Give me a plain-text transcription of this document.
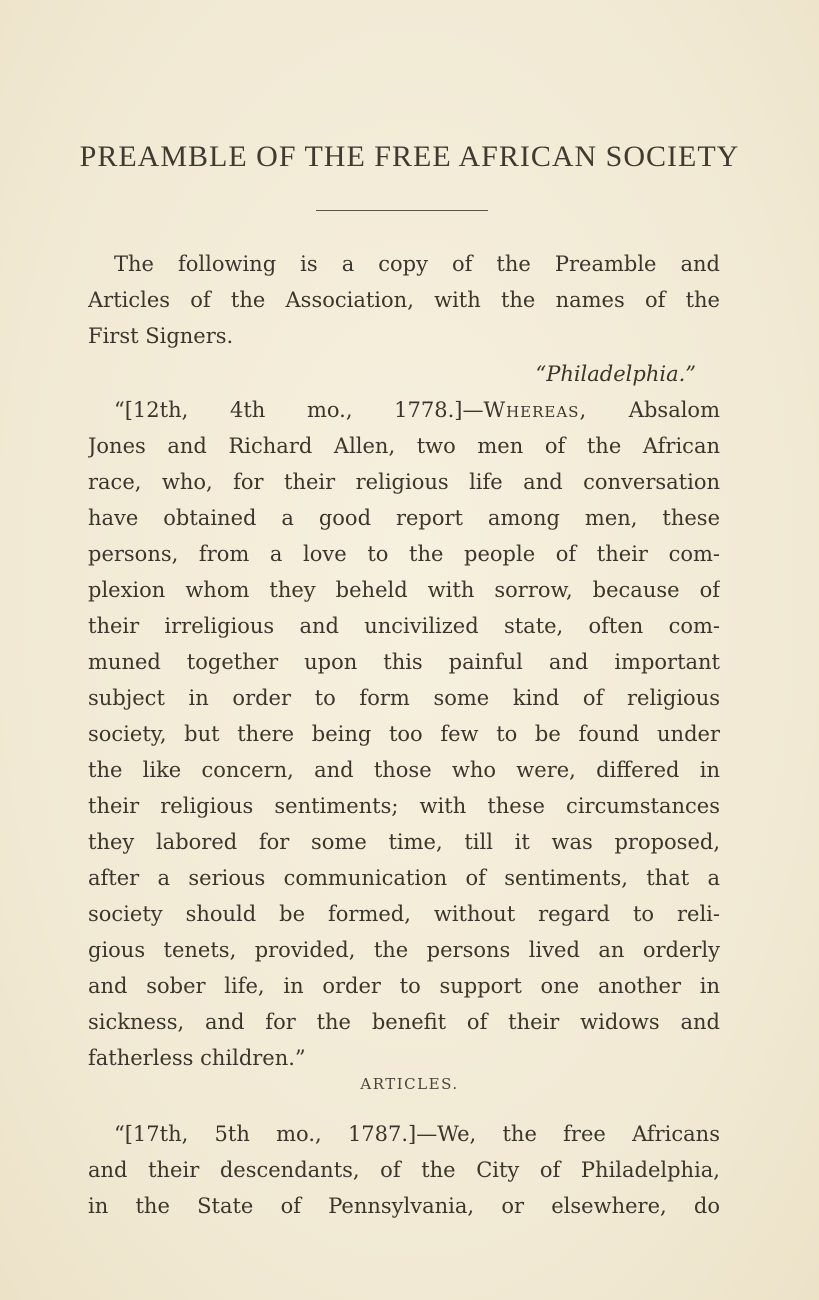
PREAMBLE OF THE FREE AFRICAN SOCIETY
The following is a copy of the Preamble and
Articles of the Association, with the names of the
First Signers.
“Philadelphia.”
“[12th, 4th mo., 1778.]—Whereas, Absalom
Jones and Richard Allen, two men of the African
race, who, for their religious life and conversation
have obtained a good report among men, these
persons, from a love to the people of their com-
plexion whom they beheld with sorrow, because of
their irreligious and uncivilized state, often com-
muned together upon this painful and important
subject in order to form some kind of religious
society, but there being too few to be found under
the like concern, and those who were, differed in
their religious sentiments; with these circumstances
they labored for some time, till it was proposed,
after a serious communication of sentiments, that a
society should be formed, without regard to reli-
gious tenets, provided, the persons lived an orderly
and sober life, in order to support one another in
sickness, and for the benefit of their widows and
fatherless children.”
ARTICLES.
“[17th, 5th mo., 1787.]—We, the free Africans
and their descendants, of the City of Philadelphia,
in the State of Pennsylvania, or elsewhere, do
